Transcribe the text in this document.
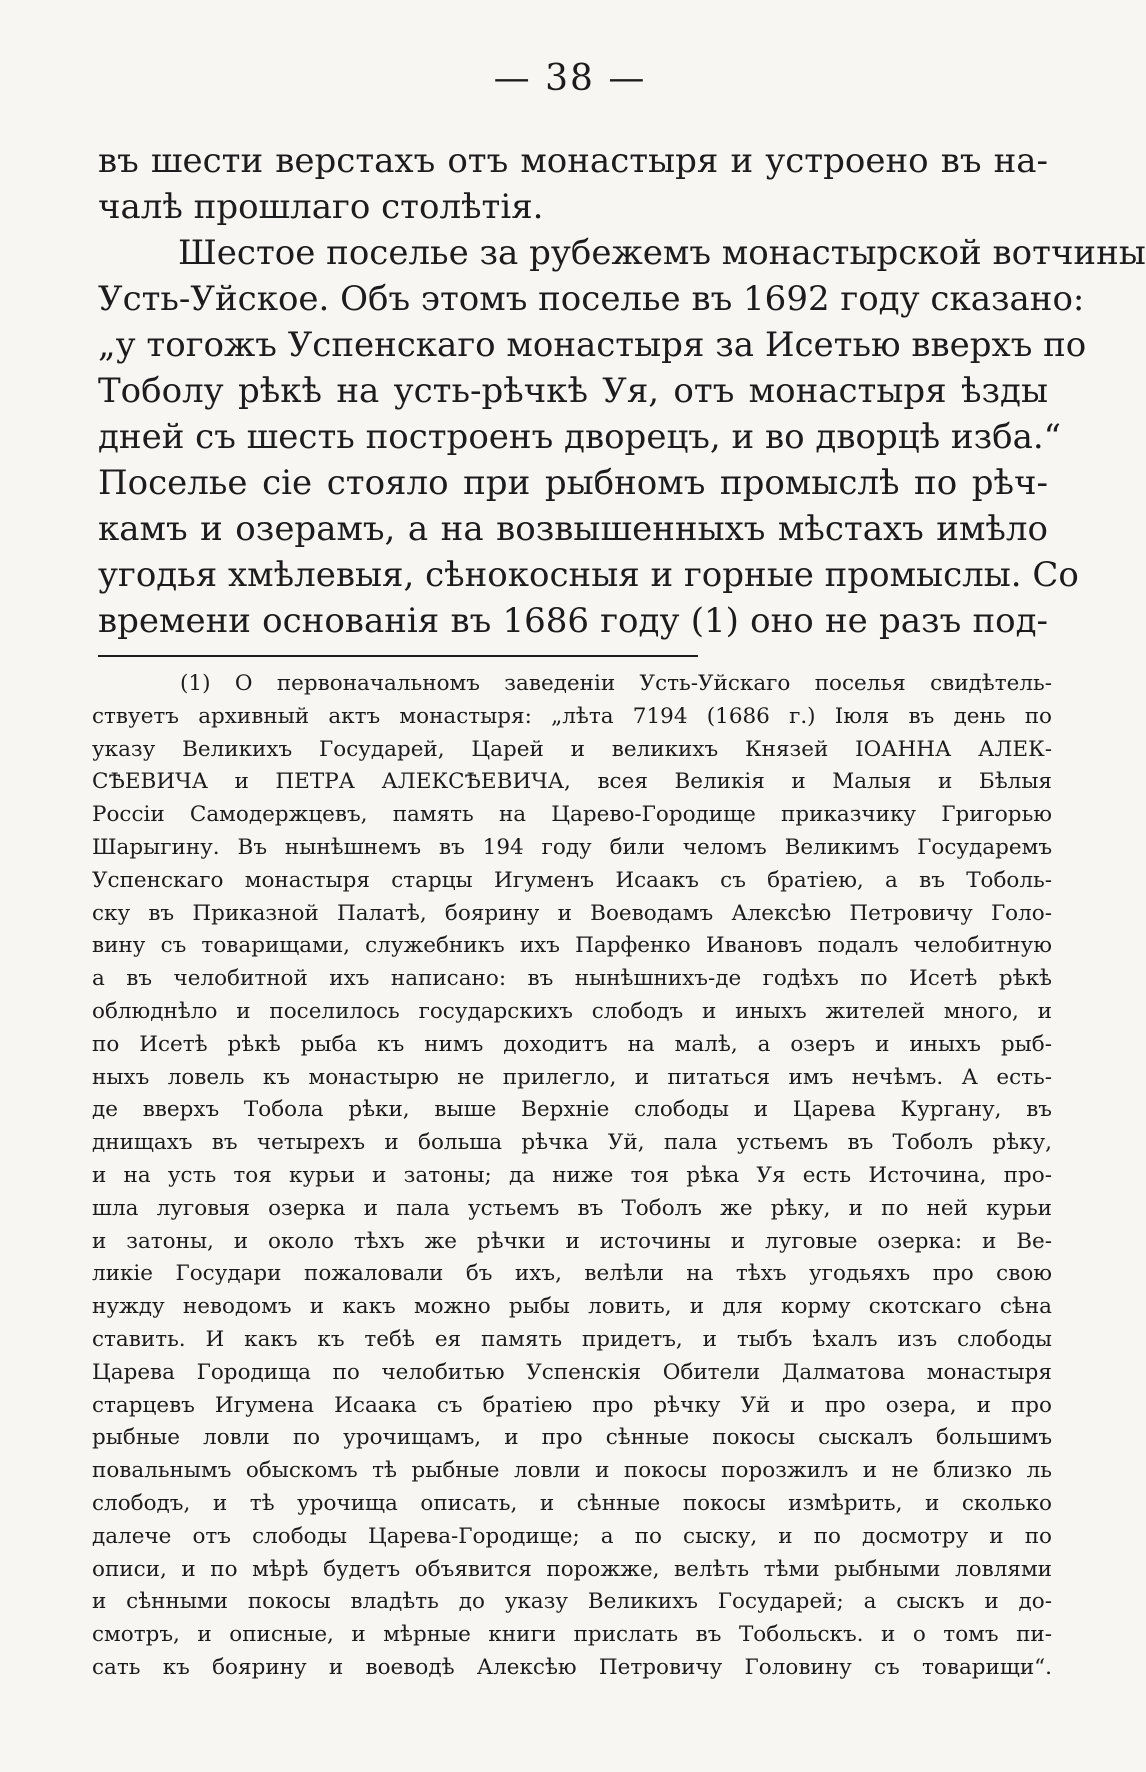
— 38 —
въ шести верстахъ отъ монастыря и устроено въ на-
чалѣ прошлаго столѣтія.
Шестое поселье за рубежемъ монастырской вотчины
Усть-Уйское. Объ этомъ поселье въ 1692 году сказано:
„у тогожъ Успенскаго монастыря за Исетью вверхъ по
Тоболу рѣкѣ на усть-рѣчкѣ Уя, отъ монастыря ѣзды
дней съ шесть построенъ дворецъ, и во дворцѣ изба.“
Поселье сіе стояло при рыбномъ промыслѣ по рѣч-
камъ и озерамъ, а на возвышенныхъ мѣстахъ имѣло
угодья хмѣлевыя, сѣнокосныя и горные промыслы. Со
времени основанія въ 1686 году (1) оно не разъ под-
(1) О первоначальномъ заведеніи Усть-Уйскаго поселья свидѣтель-
ствуетъ архивный актъ монастыря: „лѣта 7194 (1686 г.) Іюля въ день по
указу Великихъ Государей, Царей и великихъ Князей ІОАННА АЛЕК-
СѢЕВИЧА и ПЕТРА АЛЕКСѢЕВИЧА, всея Великія и Малыя и Бѣлыя
Россіи Самодержцевъ, память на Царево-Городище приказчику Григорью
Шарыгину. Въ нынѣшнемъ въ 194 году били челомъ Великимъ Государемъ
Успенскаго монастыря старцы Игуменъ Исаакъ съ братіею, а въ Тоболь-
ску въ Приказной Палатѣ, боярину и Воеводамъ Алексѣю Петровичу Голо-
вину съ товарищами, служебникъ ихъ Парфенко Ивановъ подалъ челобитную
а въ челобитной ихъ написано: въ нынѣшнихъ-де годѣхъ по Исетѣ рѣкѣ
облюднѣло и поселилось государскихъ слободъ и иныхъ жителей много, и
по Исетѣ рѣкѣ рыба къ нимъ доходитъ на малѣ, а озеръ и иныхъ рыб-
ныхъ ловель къ монастырю не прилегло, и питаться имъ нечѣмъ. А есть-
де вверхъ Тобола рѣки, выше Верхніе слободы и Царева Кургану, въ
днищахъ въ четырехъ и больша рѣчка Уй, пала устьемъ въ Тоболъ рѣку,
и на усть тоя курьи и затоны; да ниже тоя рѣка Уя есть Источина, про-
шла луговыя озерка и пала устьемъ въ Тоболъ же рѣку, и по ней курьи
и затоны, и около тѣхъ же рѣчки и источины и луговые озерка: и Ве-
ликіе Государи пожаловали бъ ихъ, велѣли на тѣхъ угодьяхъ про свою
нужду неводомъ и какъ можно рыбы ловить, и для корму скотскаго сѣна
ставить. И какъ къ тебѣ ея память придетъ, и тыбъ ѣхалъ изъ слободы
Царева Городища по челобитью Успенскія Обители Далматова монастыря
старцевъ Игумена Исаака съ братіею про рѣчку Уй и про озера, и про
рыбные ловли по урочищамъ, и про сѣнные покосы сыскалъ большимъ
повальнымъ обыскомъ тѣ рыбные ловли и покосы порозжилъ и не близко ль
слободъ, и тѣ урочища описать, и сѣнные покосы измѣрить, и сколько
далече отъ слободы Царева-Городище; а по сыску, и по досмотру и по
описи, и по мѣрѣ будетъ объявится порожже, велѣть тѣми рыбными ловлями
и сѣнными покосы владѣть до указу Великихъ Государей; а сыскъ и до-
смотръ, и описные, и мѣрные книги прислать въ Тобольскъ. и о томъ пи-
сать къ боярину и воеводѣ Алексѣю Петровичу Головину съ товарищи“.
